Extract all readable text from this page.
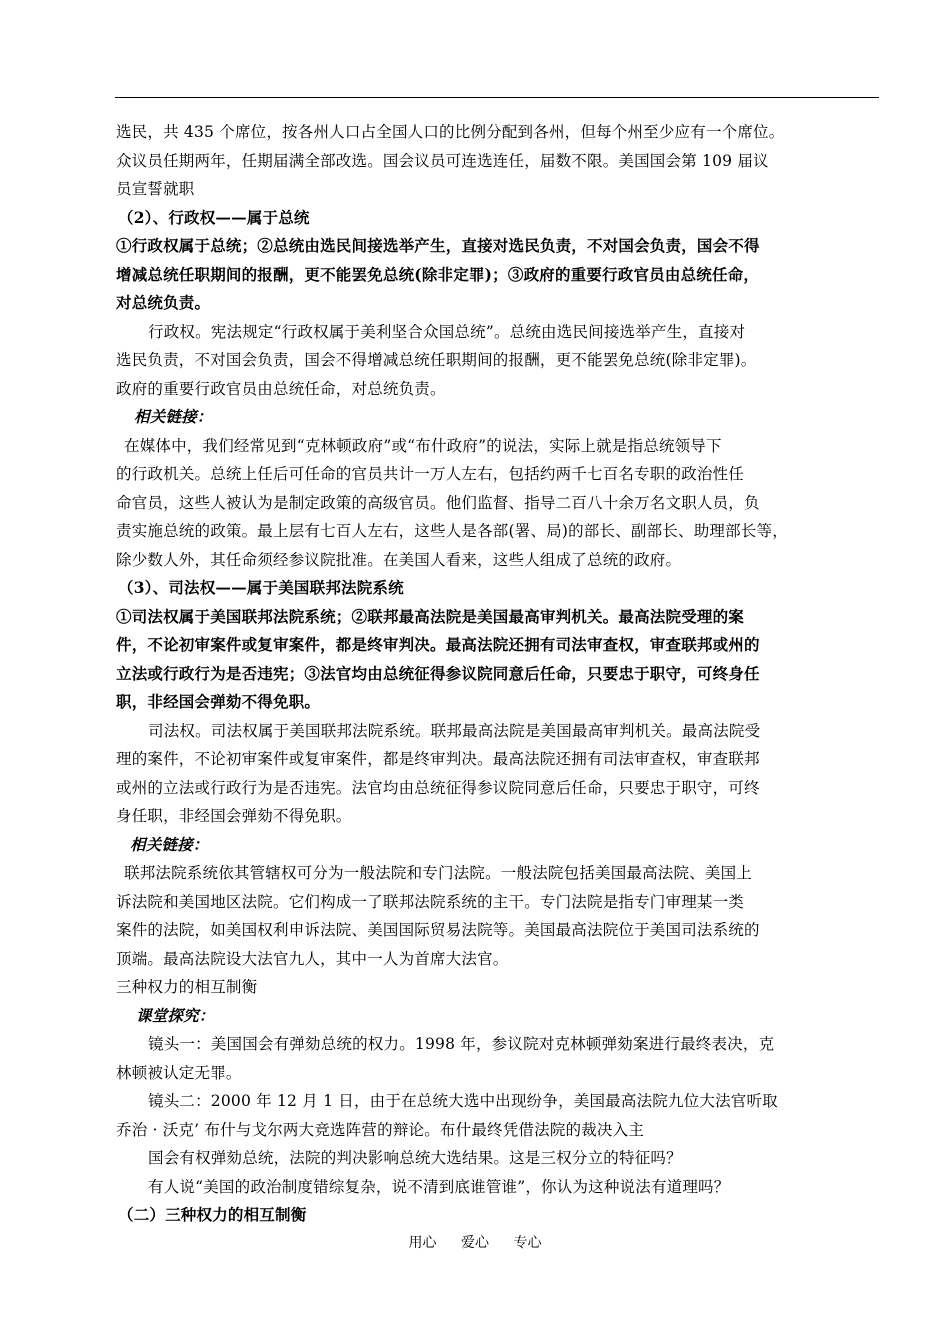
选民，共 435 个席位，按各州人口占全国人口的比例分配到各州，但每个州至少应有一个席位。
众议员任期两年，任期届满全部改选。国会议员可连选连任，届数不限。美国国会第 109 届议
员宣誓就职
（2）、行政权——属于总统
①行政权属于总统；②总统由选民间接选举产生，直接对选民负责，不对国会负责，国会不得
增减总统任职期间的报酬，更不能罢免总统(除非定罪)；③政府的重要行政官员由总统任命，
对总统负责。
行政权。宪法规定“行政权属于美利坚合众国总统”。总统由选民间接选举产生，直接对
选民负责，不对国会负责，国会不得增减总统任职期间的报酬，更不能罢免总统(除非定罪)。
政府的重要行政官员由总统任命，对总统负责。
相关链接：
在媒体中，我们经常见到“克林顿政府”或“布什政府”的说法，实际上就是指总统领导下
的行政机关。总统上任后可任命的官员共计一万人左右，包括约两千七百名专职的政治性任
命官员，这些人被认为是制定政策的高级官员。他们监督、指导二百八十余万名文职人员，负
责实施总统的政策。最上层有七百人左右，这些人是各部(署、局)的部长、副部长、助理部长等，
除少数人外，其任命须经参议院批准。在美国人看来，这些人组成了总统的政府。
（3）、司法权——属于美国联邦法院系统
①司法权属于美国联邦法院系统；②联邦最高法院是美国最高审判机关。最高法院受理的案
件，不论初审案件或复审案件，都是终审判决。最高法院还拥有司法审查权，审查联邦或州的
立法或行政行为是否违宪；③法官均由总统征得参议院同意后任命，只要忠于职守，可终身任
职，非经国会弹劾不得免职。
司法权。司法权属于美国联邦法院系统。联邦最高法院是美国最高审判机关。最高法院受
理的案件，不论初审案件或复审案件，都是终审判决。最高法院还拥有司法审查权，审查联邦
或州的立法或行政行为是否违宪。法官均由总统征得参议院同意后任命，只要忠于职守，可终
身任职，非经国会弹劾不得免职。
相关链接：
联邦法院系统依其管辖权可分为一般法院和专门法院。一般法院包括美国最高法院、美国上
诉法院和美国地区法院。它们构成一了联邦法院系统的主干。专门法院是指专门审理某一类
案件的法院，如美国权利申诉法院、美国国际贸易法院等。美国最高法院位于美国司法系统的
顶端。最高法院设大法官九人，其中一人为首席大法官。
三种权力的相互制衡
课堂探究：
镜头一：美国国会有弹劾总统的权力。1998 年，参议院对克林顿弹劾案进行最终表决，克
林顿被认定无罪。
镜头二：2000 年 12 月 1 日，由于在总统大选中出现纷争，美国最高法院九位大法官听取
乔治 · 沃克’ 布什与戈尔两大竞选阵营的辩论。布什最终凭借法院的裁决入主
国会有权弹劾总统，法院的判决影响总统大选结果。这是三权分立的特征吗？
有人说“美国的政治制度错综复杂，说不清到底谁管谁”，你认为这种说法有道理吗？
（二）三种权力的相互制衡
用心 爱心 专心
